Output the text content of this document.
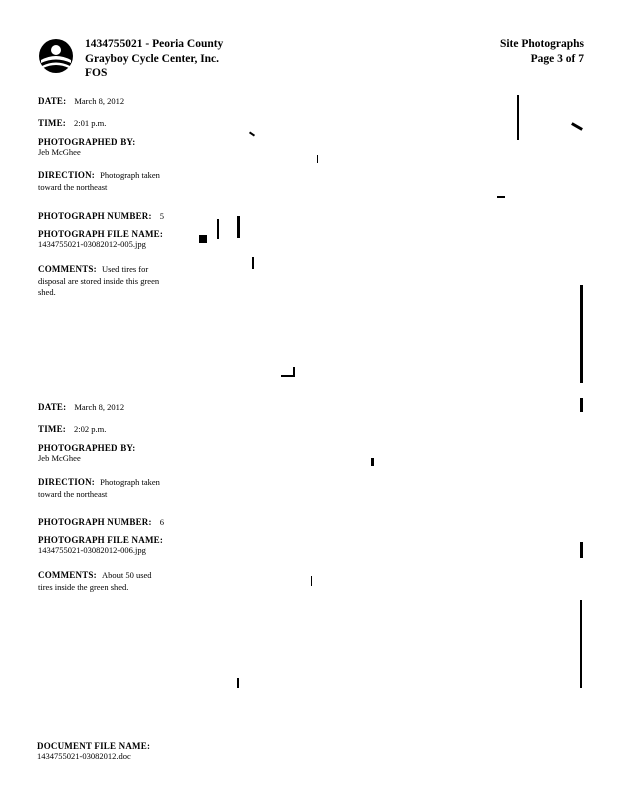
1434755021 - Peoria County
Grayboy Cycle Center, Inc.
FOS
Site Photographs
Page 3 of 7
DATE: March 8, 2012
TIME: 2:01 p.m.
PHOTOGRAPHED BY:
Jeb McGhee
DIRECTION: Photograph taken
toward the northeast
PHOTOGRAPH NUMBER: 5
PHOTOGRAPH FILE NAME:
1434755021-03082012-005.jpg
COMMENTS: Used tires for
disposal are stored inside this green
shed.
DATE: March 8, 2012
TIME: 2:02 p.m.
PHOTOGRAPHED BY:
Jeb McGhee
DIRECTION: Photograph taken
toward the northeast
PHOTOGRAPH NUMBER: 6
PHOTOGRAPH FILE NAME:
1434755021-03082012-006.jpg
COMMENTS: About 50 used
tires inside the green shed.
DOCUMENT FILE NAME:
1434755021-03082012.doc
